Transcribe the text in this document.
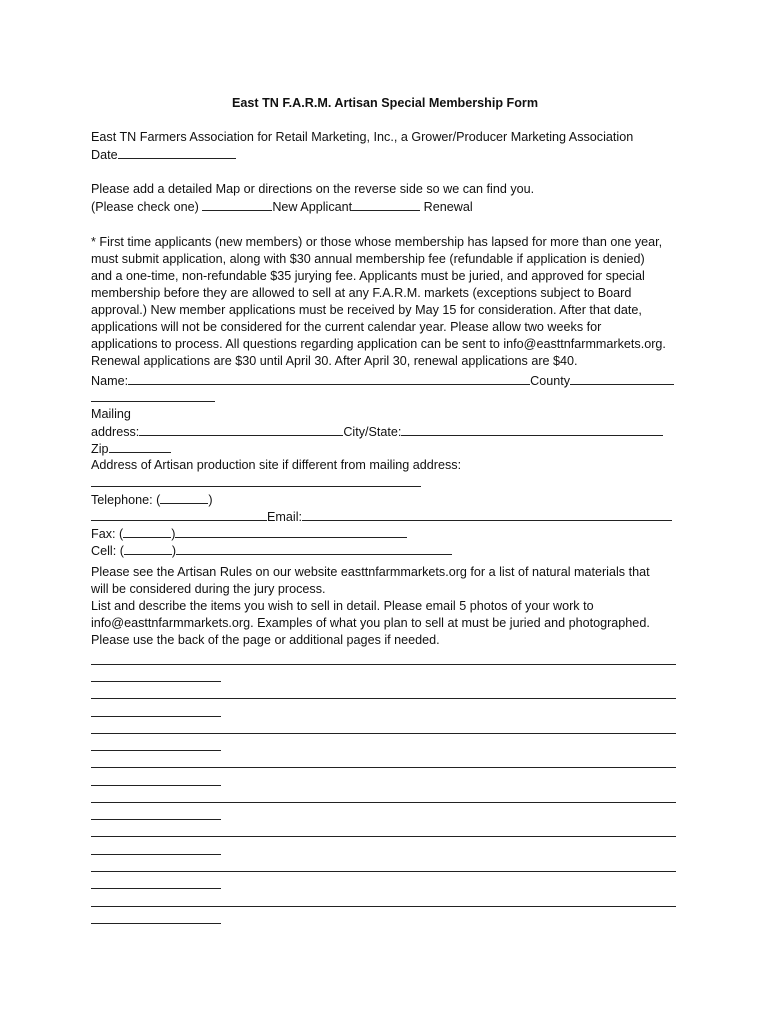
East TN F.A.R.M. Artisan Special Membership Form
East TN Farmers Association for Retail Marketing, Inc., a Grower/Producer Marketing Association
Date
Please add a detailed Map or directions on the reverse side so we can find you.
(Please check one)	New Applicant	Renewal
* First time applicants (new members) or those whose membership has lapsed for more than one year,
must submit application, along with $30 annual membership fee (refundable if application is denied)
and a one-time, non-refundable $35 jurying fee. Applicants must be juried, and approved for special
membership before they are allowed to sell at any F.A.R.M. markets (exceptions subject to Board
approval.) New member applications must be received by May 15 for consideration. After that date,
applications will not be considered for the current calendar year. Please allow two weeks for
applications to process. All questions regarding application can be sent to info@easttnfarmmarkets.org.
Renewal applications are $30 until April 30. After April 30, renewal applications are $40.
Name:	County
Mailing
address:	City/State:
Zip
Address of Artisan production site if different from mailing address:
Telephone: (	)
Email:
Fax: (	)
Cell: (	)
Please see the Artisan Rules on our website easttnfarmmarkets.org for a list of natural materials that
will be considered during the jury process.
List and describe the items you wish to sell in detail. Please email 5 photos of your work to
info@easttnfarmmarkets.org. Examples of what you plan to sell at must be juried and photographed.
Please use the back of the page or additional pages if needed.
